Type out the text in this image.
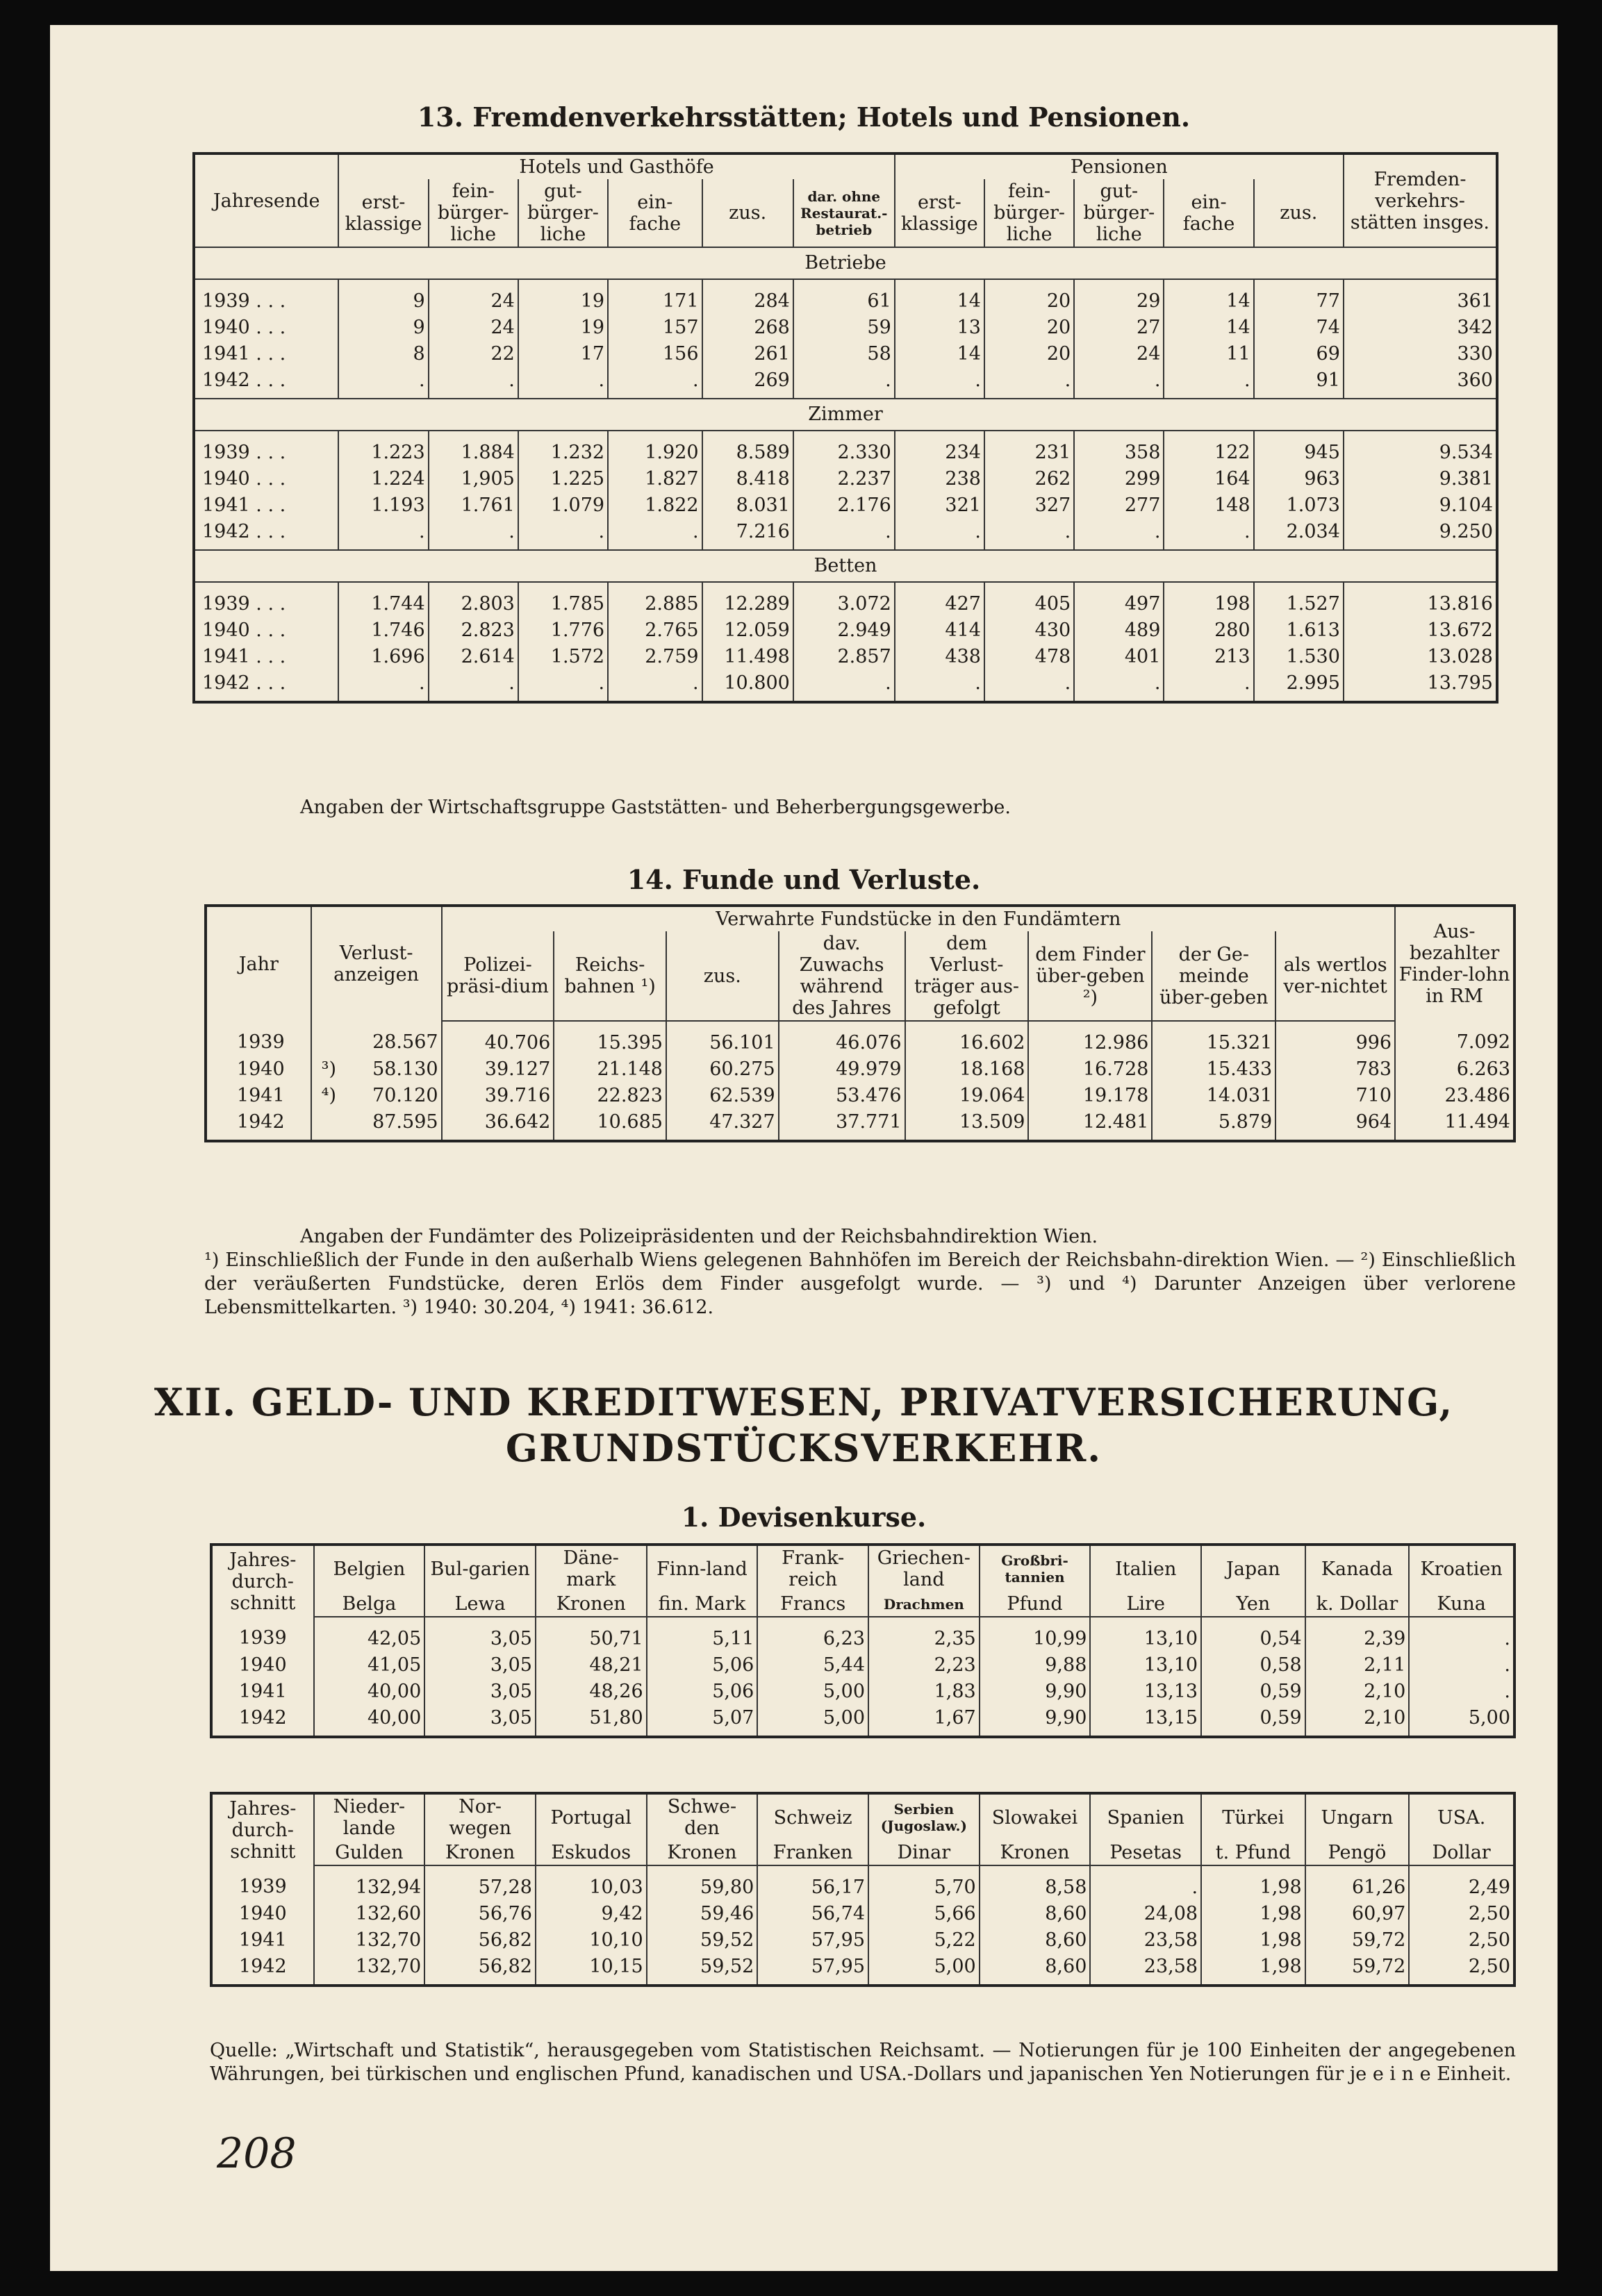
13. Fremdenverkehrsstätten; Hotels und Pensionen.
Jahresende	Hotels und Gasthöfe						Pensionen					Fremden-verkehrs-stätten insges.
	erst-klassige	fein-bürger-liche	gut-bürger-liche	ein-fache	zus.	dar. ohne Restaurat.-betrieb	erst-klassige	fein-bürger-liche	gut-bürger-liche	ein-fache	zus.	
Betriebe												
1939 . . .	9	24	19	171	284	61	14	20	29	14	77	361
1940 . . .	9	24	19	157	268	59	13	20	27	14	74	342
1941 . . .	8	22	17	156	261	58	14	20	24	11	69	330
1942 . . .	.	.	.	.	269	.	.	.	.	.	91	360
Zimmer												
1939 . . .	1.223	1.884	1.232	1.920	8.589	2.330	234	231	358	122	945	9.534
1940 . . .	1.224	1,905	1.225	1.827	8.418	2.237	238	262	299	164	963	9.381
1941 . . .	1.193	1.761	1.079	1.822	8.031	2.176	321	327	277	148	1.073	9.104
1942 . . .	.	.	.	.	7.216	.	.	.	.	.	2.034	9.250
Betten												
1939 . . .	1.744	2.803	1.785	2.885	12.289	3.072	427	405	497	198	1.527	13.816
1940 . . .	1.746	2.823	1.776	2.765	12.059	2.949	414	430	489	280	1.613	13.672
1941 . . .	1.696	2.614	1.572	2.759	11.498	2.857	438	478	401	213	1.530	13.028
1942 . . .	.	.	.	.	10.800	.	.	.	.	.	2.995	13.795
Angaben der Wirtschaftsgruppe Gaststätten- und Beherbergungsgewerbe.
14. Funde und Verluste.
Jahr	Verlust-anzeigen		Verwahrte Fundstücke in den Fundämtern								Aus-bezahlter Finder-lohn in RM
			Polizei-präsi-dium	Reichs-bahnen ¹)	zus.	dav. Zuwachs während des Jahres	dem Verlust-träger aus-gefolgt	dem Finder über-geben ²)	der Ge-meinde über-geben	als wertlos ver-nichtet	
1939		28.567	40.706	15.395	56.101	46.076	16.602	12.986	15.321	996	7.092
1940	³)	58.130	39.127	21.148	60.275	49.979	18.168	16.728	15.433	783	6.263
1941	⁴)	70.120	39.716	22.823	62.539	53.476	19.064	19.178	14.031	710	23.486
1942		87.595	36.642	10.685	47.327	37.771	13.509	12.481	5.879	964	11.494
Angaben der Fundämter des Polizeipräsidenten und der Reichsbahndirektion Wien.
¹) Einschließlich der Funde in den außerhalb Wiens gelegenen Bahnhöfen im Bereich der Reichsbahn-direktion Wien. — ²) Einschließlich der veräußerten Fundstücke, deren Erlös dem Finder ausgefolgt wurde. — ³) und ⁴) Darunter Anzeigen über verlorene Lebensmittelkarten. ³) 1940: 30.204, ⁴) 1941: 36.612.
XII. GELD- UND KREDITWESEN, PRIVATVERSICHERUNG,
GRUNDSTÜCKSVERKEHR.
1. Devisenkurse.
Jahres-durch-schnitt	Belgien	Bul-garien	Däne-mark	Finn-land	Frank-reich	Griechen-land	Großbri-tannien	Italien	Japan	Kanada	Kroatien
	Belga	Lewa	Kronen	fin. Mark	Francs	Drachmen	Pfund	Lire	Yen	k. Dollar	Kuna
1939	42,05	3,05	50,71	5,11	6,23	2,35	10,99	13,10	0,54	2,39	.
1940	41,05	3,05	48,21	5,06	5,44	2,23	9,88	13,10	0,58	2,11	.
1941	40,00	3,05	48,26	5,06	5,00	1,83	9,90	13,13	0,59	2,10	.
1942	40,00	3,05	51,80	5,07	5,00	1,67	9,90	13,15	0,59	2,10	5,00
Jahres-durch-schnitt	Nieder-lande	Nor-wegen	Portugal	Schwe-den	Schweiz	Serbien (Jugoslaw.)	Slowakei	Spanien	Türkei	Ungarn	USA.
	Gulden	Kronen	Eskudos	Kronen	Franken	Dinar	Kronen	Pesetas	t. Pfund	Pengö	Dollar
1939	132,94	57,28	10,03	59,80	56,17	5,70	8,58	.	1,98	61,26	2,49
1940	132,60	56,76	9,42	59,46	56,74	5,66	8,60	24,08	1,98	60,97	2,50
1941	132,70	56,82	10,10	59,52	57,95	5,22	8,60	23,58	1,98	59,72	2,50
1942	132,70	56,82	10,15	59,52	57,95	5,00	8,60	23,58	1,98	59,72	2,50
Quelle: „Wirtschaft und Statistik“, herausgegeben vom Statistischen Reichsamt. — Notierungen für je 100 Einheiten der angegebenen Währungen, bei türkischen und englischen Pfund, kanadischen und USA.-Dollars und japanischen Yen Notierungen für je e i n e Einheit.
208
